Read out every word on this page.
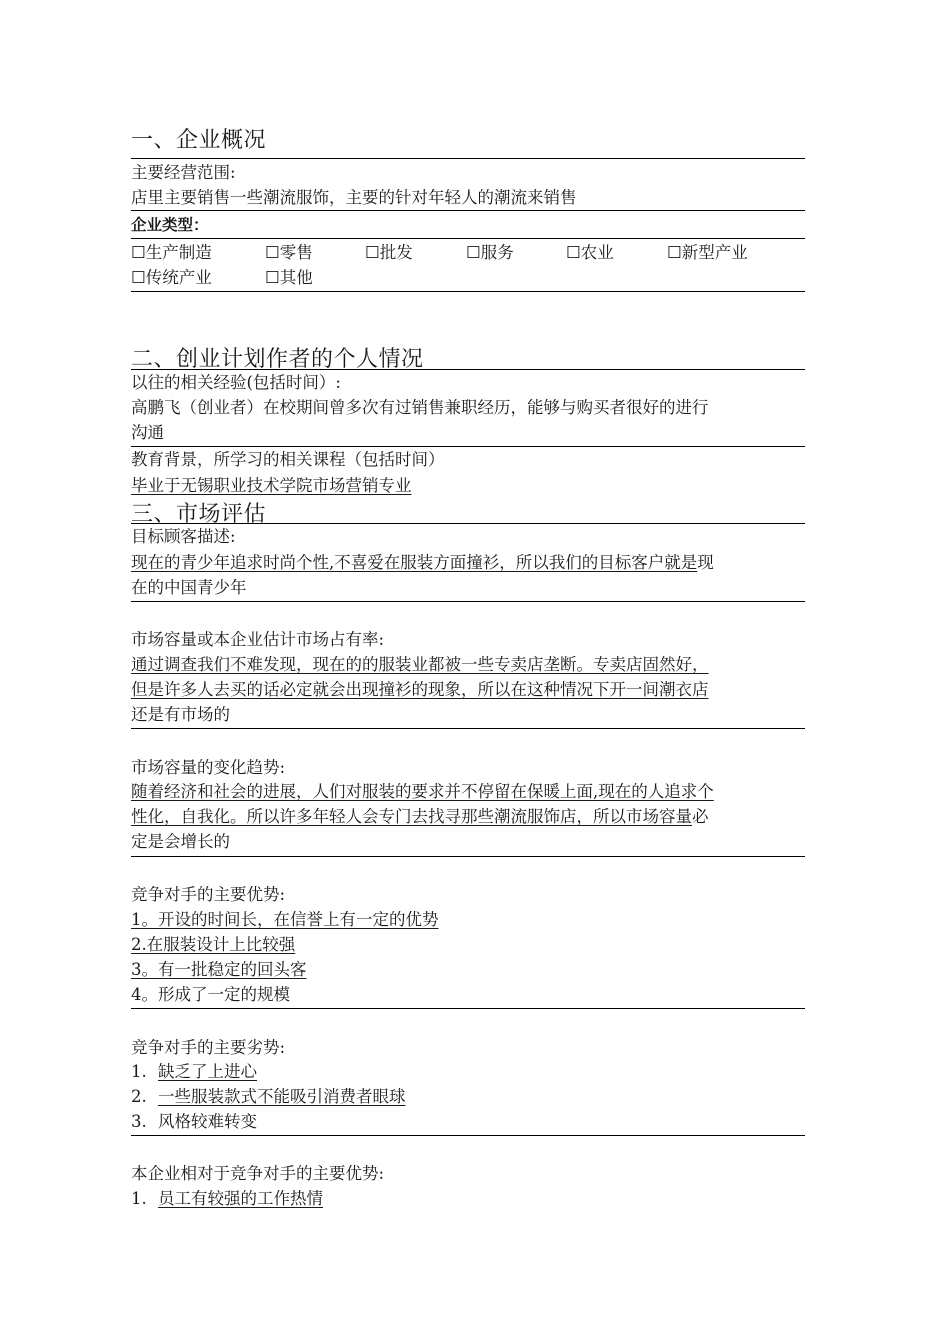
一、企业概况
主要经营范围:
店里主要销售一些潮流服饰，主要的针对年轻人的潮流来销售
企业类型：
☐生产制造	☐零售	☐批发	☐服务	☐农业	☐新型产业
☐传统产业	☐其他
二、创业计划作者的个人情况
以往的相关经验(包括时间）:
高鹏飞（创业者）在校期间曾多次有过销售兼职经历，能够与购买者很好的进行
沟通
教育背景，所学习的相关课程（包括时间）
毕业于无锡职业技术学院市场营销专业
三、市场评估
目标顾客描述:
现在的青少年追求时尚个性,不喜爱在服装方面撞衫，所以我们的目标客户就是现
在的中国青少年
市场容量或本企业估计市场占有率:
通过调查我们不难发现，现在的的服装业都被一些专卖店垄断。专卖店固然好，
但是许多人去买的话必定就会出现撞衫的现象，所以在这种情况下开一间潮衣店
还是有市场的
市场容量的变化趋势:
随着经济和社会的进展，人们对服装的要求并不停留在保暖上面,现在的人追求个
性化，自我化。所以许多年轻人会专门去找寻那些潮流服饰店，所以市场容量必
定是会增长的
竞争对手的主要优势:
1。开设的时间长，在信誉上有一定的优势
2.在服装设计上比较强
3。有一批稳定的回头客
4。形成了一定的规模
竞争对手的主要劣势:
1. 缺乏了上进心
2. 一些服装款式不能吸引消费者眼球
3. 风格较难转变
本企业相对于竞争对手的主要优势:
1. 员工有较强的工作热情
